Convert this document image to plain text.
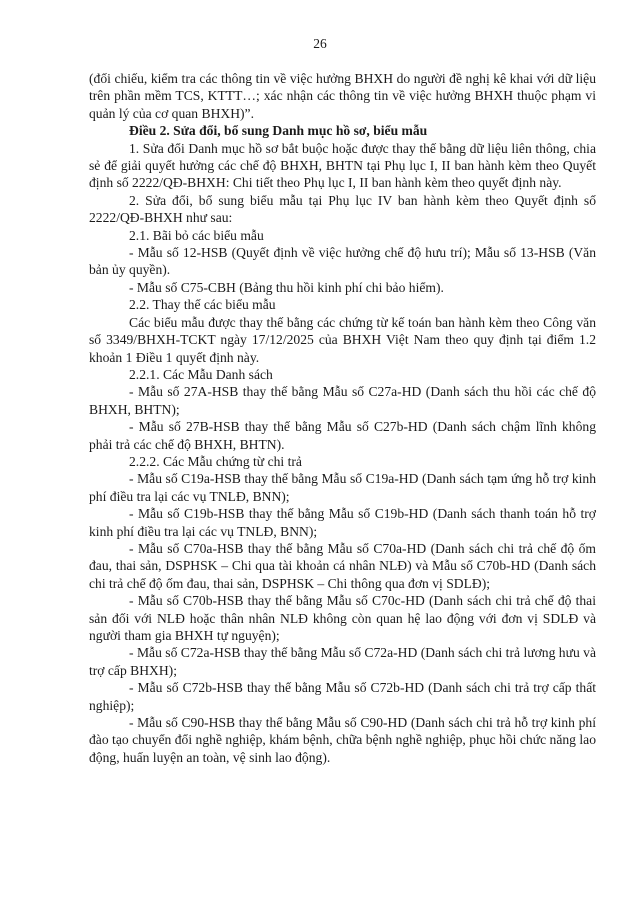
26

(đối chiếu, kiểm tra các thông tin về việc hưởng BHXH do người đề nghị kê khai với dữ liệu trên phần mềm TCS, KTTT…; xác nhận các thông tin về việc hưởng BHXH thuộc phạm vi quản lý của cơ quan BHXH)”.

Điều 2. Sửa đổi, bổ sung Danh mục hồ sơ, biểu mẫu

1. Sửa đổi Danh mục hồ sơ bắt buộc hoặc được thay thế bằng dữ liệu liên thông, chia sẻ để giải quyết hưởng các chế độ BHXH, BHTN tại Phụ lục I, II ban hành kèm theo Quyết định số 2222/QĐ-BHXH: Chi tiết theo Phụ lục I, II ban hành kèm theo quyết định này.

2. Sửa đổi, bổ sung biểu mẫu tại Phụ lục IV ban hành kèm theo Quyết định số 2222/QĐ-BHXH như sau:

2.1. Bãi bỏ các biểu mẫu

- Mẫu số 12-HSB (Quyết định về việc hưởng chế độ hưu trí); Mẫu số 13-HSB (Văn bản ủy quyền).

- Mẫu số C75-CBH (Bảng thu hồi kinh phí chi bảo hiểm).

2.2. Thay thế các biểu mẫu

Các biểu mẫu được thay thế bằng các chứng từ kế toán ban hành kèm theo Công văn số 3349/BHXH-TCKT ngày 17/12/2025 của BHXH Việt Nam theo quy định tại điểm 1.2 khoản 1 Điều 1 quyết định này.

2.2.1. Các Mẫu Danh sách

- Mẫu số 27A-HSB thay thế bằng Mẫu số C27a-HD (Danh sách thu hồi các chế độ BHXH, BHTN);

- Mẫu số 27B-HSB thay thế bằng Mẫu số C27b-HD (Danh sách chậm lĩnh không phải trả các chế độ BHXH, BHTN).

2.2.2. Các Mẫu chứng từ chi trả

- Mẫu số C19a-HSB thay thế bằng Mẫu số C19a-HD (Danh sách tạm ứng hỗ trợ kinh phí điều tra lại các vụ TNLĐ, BNN);

- Mẫu số C19b-HSB thay thế bằng Mẫu số C19b-HD (Danh sách thanh toán hỗ trợ kinh phí điều tra lại các vụ TNLĐ, BNN);

- Mẫu số C70a-HSB thay thế bằng Mẫu số C70a-HD (Danh sách chi trả chế độ ốm đau, thai sản, DSPHSK – Chi qua tài khoản cá nhân NLĐ) và Mẫu số C70b-HD (Danh sách chi trả chế độ ốm đau, thai sản, DSPHSK – Chi thông qua đơn vị SDLĐ);

- Mẫu số C70b-HSB thay thế bằng Mẫu số C70c-HD (Danh sách chi trả chế độ thai sản đối với NLĐ hoặc thân nhân NLĐ không còn quan hệ lao động với đơn vị SDLĐ và người tham gia BHXH tự nguyện);

- Mẫu số C72a-HSB thay thế bằng Mẫu số C72a-HD (Danh sách chi trả lương hưu và trợ cấp BHXH);

- Mẫu số C72b-HSB thay thế bằng Mẫu số C72b-HD (Danh sách chi trả trợ cấp thất nghiệp);

- Mẫu số C90-HSB thay thế bằng Mẫu số C90-HD (Danh sách chi trả hỗ trợ kinh phí đào tạo chuyển đổi nghề nghiệp, khám bệnh, chữa bệnh nghề nghiệp, phục hồi chức năng lao động, huấn luyện an toàn, vệ sinh lao động).
